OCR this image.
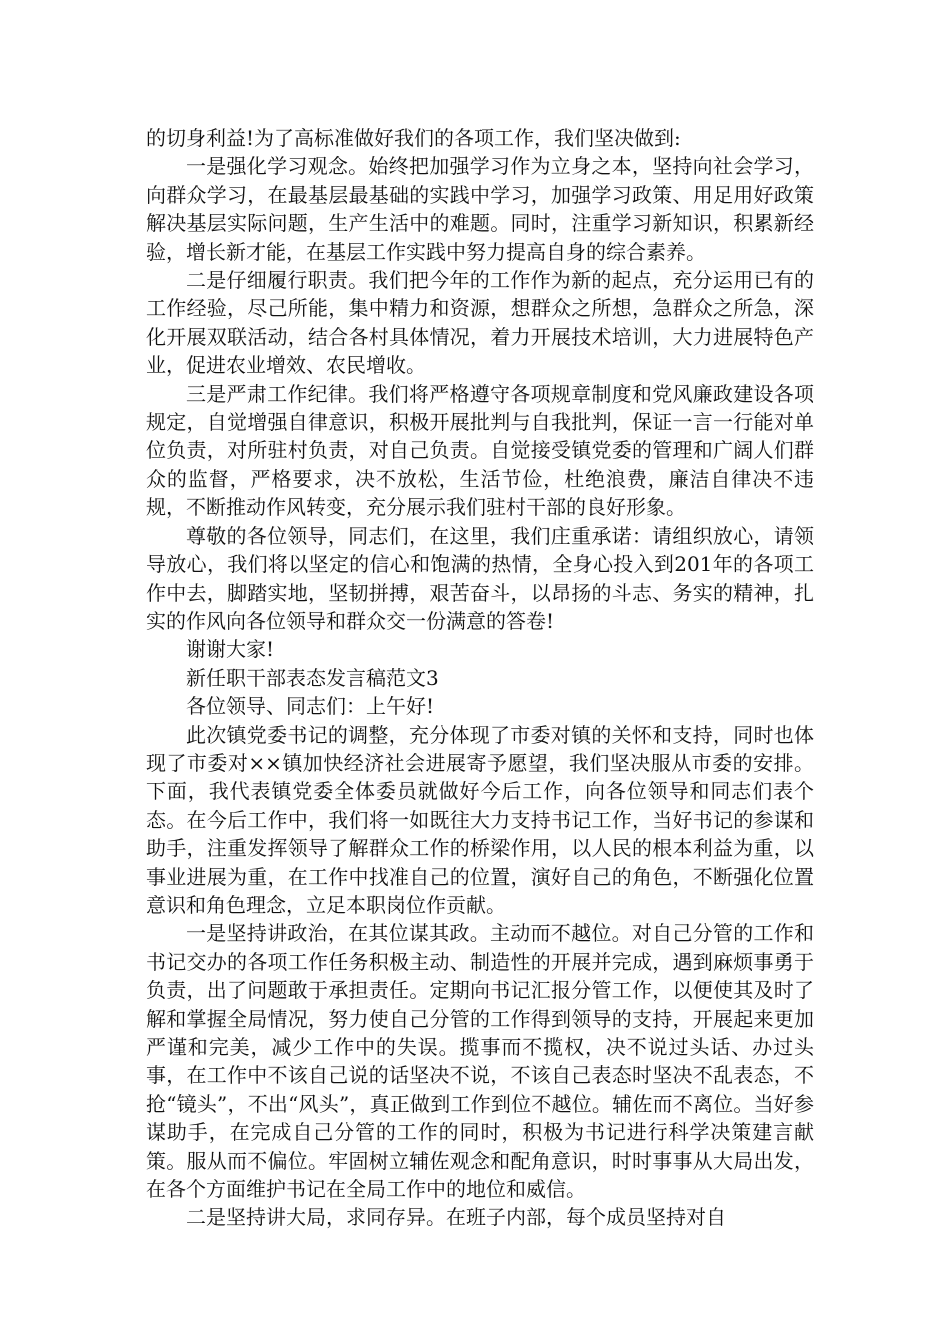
的切身利益!为了高标准做好我们的各项工作，我们坚决做到:

一是强化学习观念。始终把加强学习作为立身之本，坚持向社会学习，向群众学习，在最基层最基础的实践中学习，加强学习政策、用足用好政策解决基层实际问题，生产生活中的难题。同时，注重学习新知识，积累新经验，增长新才能，在基层工作实践中努力提高自身的综合素养。

二是仔细履行职责。我们把今年的工作作为新的起点，充分运用已有的工作经验，尽己所能，集中精力和资源，想群众之所想，急群众之所急，深化开展双联活动，结合各村具体情况，着力开展技术培训，大力进展特色产业，促进农业增效、农民增收。

三是严肃工作纪律。我们将严格遵守各项规章制度和党风廉政建设各项规定，自觉增强自律意识，积极开展批判与自我批判，保证一言一行能对单位负责，对所驻村负责，对自己负责。自觉接受镇党委的管理和广阔人们群众的监督，严格要求，决不放松，生活节俭，杜绝浪费，廉洁自律决不违规，不断推动作风转变，充分展示我们驻村干部的良好形象。

尊敬的各位领导，同志们，在这里，我们庄重承诺：请组织放心，请领导放心，我们将以坚定的信心和饱满的热情，全身心投入到201年的各项工作中去，脚踏实地，坚韧拼搏，艰苦奋斗，以昂扬的斗志、务实的精神，扎实的作风向各位领导和群众交一份满意的答卷!

谢谢大家!

新任职干部表态发言稿范文3

各位领导、同志们：上午好!

此次镇党委书记的调整，充分体现了市委对镇的关怀和支持，同时也体现了市委对××镇加快经济社会进展寄予愿望，我们坚决服从市委的安排。下面，我代表镇党委全体委员就做好今后工作，向各位领导和同志们表个态。在今后工作中，我们将一如既往大力支持书记工作，当好书记的参谋和助手，注重发挥领导了解群众工作的桥梁作用，以人民的根本利益为重，以事业进展为重，在工作中找准自己的位置，演好自己的角色，不断强化位置意识和角色理念，立足本职岗位作贡献。

一是坚持讲政治，在其位谋其政。主动而不越位。对自己分管的工作和书记交办的各项工作任务积极主动、制造性的开展并完成，遇到麻烦事勇于负责，出了问题敢于承担责任。定期向书记汇报分管工作，以便使其及时了解和掌握全局情况，努力使自己分管的工作得到领导的支持，开展起来更加严谨和完美，减少工作中的失误。揽事而不揽权，决不说过头话、办过头事，在工作中不该自己说的话坚决不说，不该自己表态时坚决不乱表态，不抢“镜头”，不出“风头”，真正做到工作到位不越位。辅佐而不离位。当好参谋助手，在完成自己分管的工作的同时，积极为书记进行科学决策建言献策。服从而不偏位。牢固树立辅佐观念和配角意识，时时事事从大局出发，在各个方面维护书记在全局工作中的地位和威信。

二是坚持讲大局，求同存异。在班子内部，每个成员坚持对自
